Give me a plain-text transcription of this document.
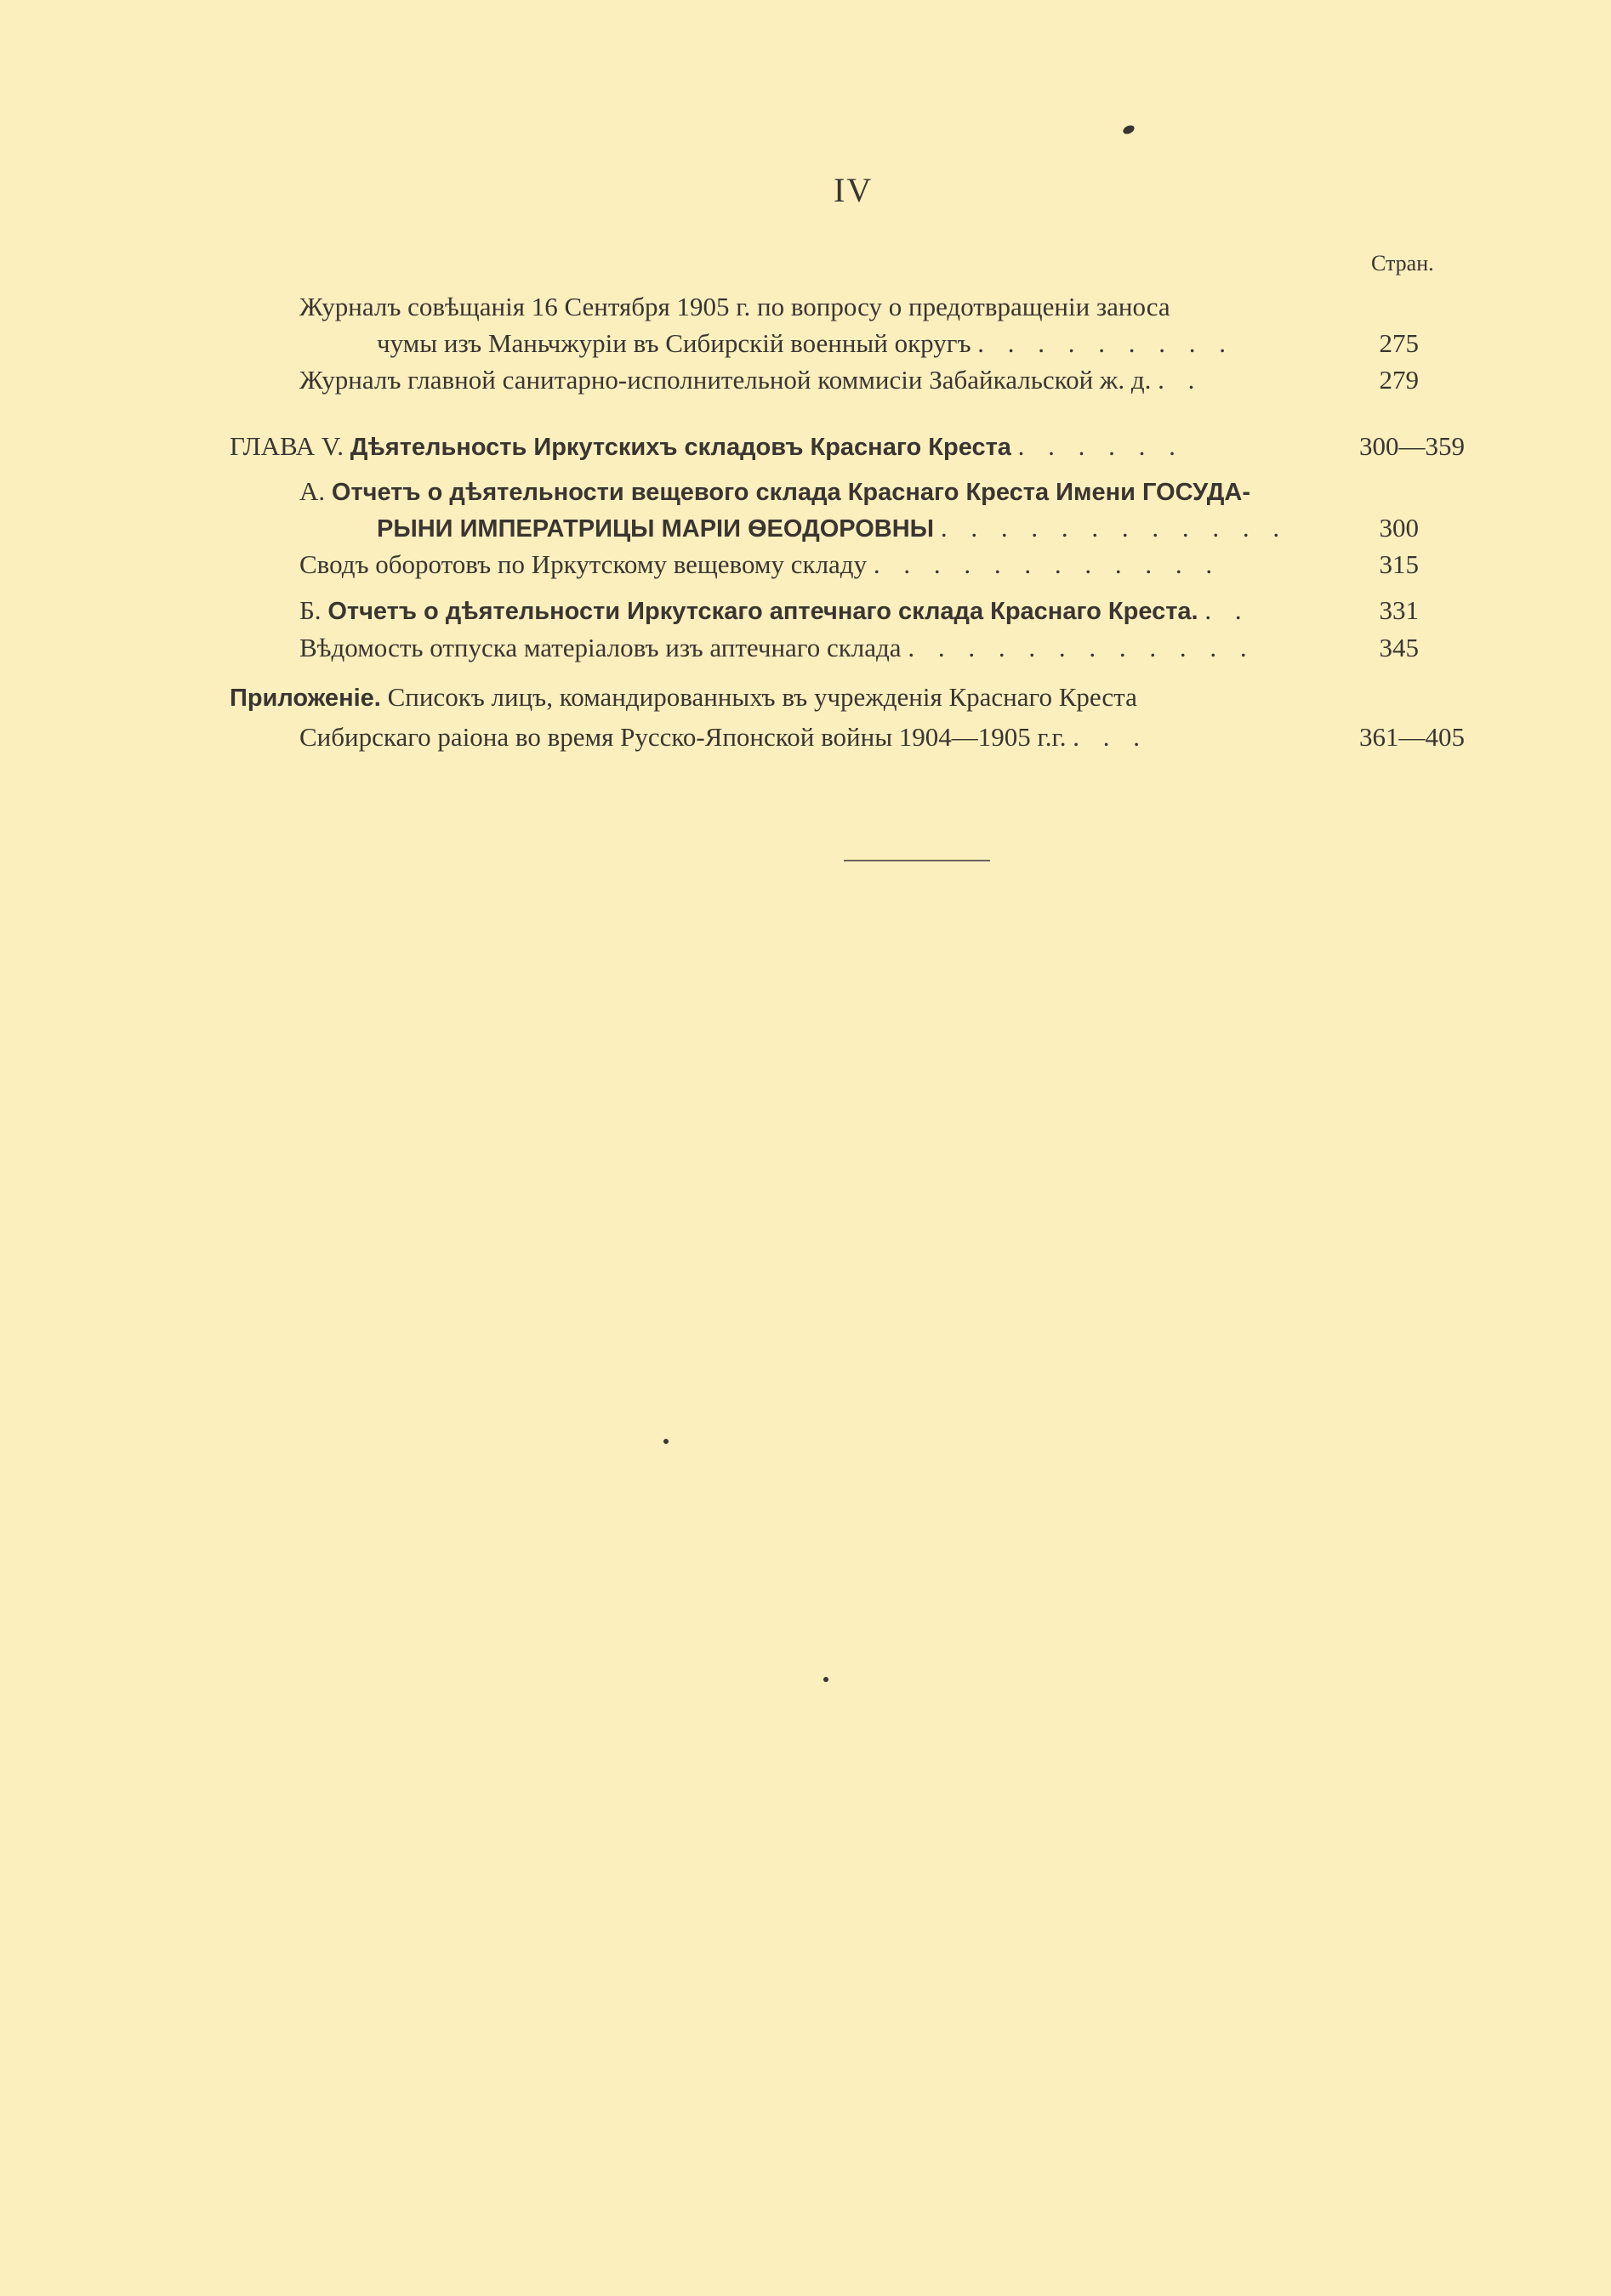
IV
Стран.
Журналъ совѣщанія 16 Сентября 1905 г. по вопросу о предотвращеніи заноса
чумы изъ Маньчжуріи въ Сибирскій военный округъ . . . . . . . . .	275
Журналъ главной санитарно-исполнительной коммисіи Забайкальской ж. д. . .	279
ГЛАВА V. Дѣятельность Иркутскихъ складовъ Краснаго Креста . . . . . .	300—359
А. Отчетъ о дѣятельности вещевого склада Краснаго Креста Имени ГОСУДА-
РЫНИ ИМПЕРАТРИЦЫ МАРІИ ѲЕОДОРОВНЫ . . . . . . . . . . . .	300
Сводъ оборотовъ по Иркутскому вещевому складу . . . . . . . . . . . .	315
Б. Отчетъ о дѣятельности Иркутскаго аптечнаго склада Краснаго Креста. . .	331
Вѣдомость отпуска матеріаловъ изъ аптечнаго склада . . . . . . . . . . . .	345
Приложеніе. Списокъ лицъ, командированныхъ въ учрежденія Краснаго Креста
Сибирскаго раіона во время Русско-Японской войны 1904—1905 г.г. . . .	361—405
